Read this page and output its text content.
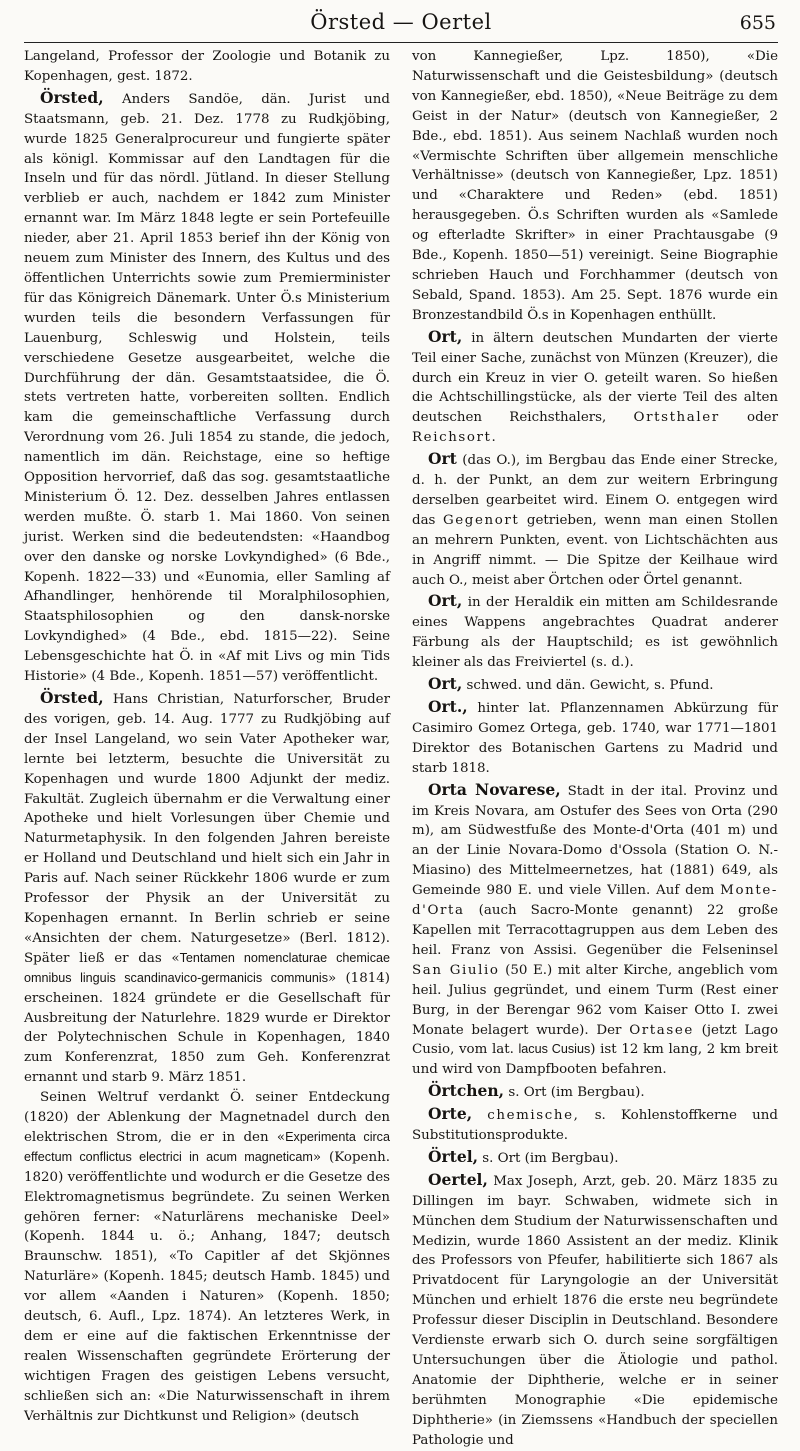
Örsted — Oertel	655

Langeland, Professor der Zoologie und Botanik zu Kopenhagen, gest. 1872.

Örsted, Anders Sandöe, dän. Jurist und Staatsmann, geb. 21. Dez. 1778 zu Rudkjöbing, wurde 1825 Generalprocureur und fungierte später als königl. Kommissar auf den Landtagen für die Inseln und für das nördl. Jütland. In dieser Stellung verblieb er auch, nachdem er 1842 zum Minister ernannt war. Im März 1848 legte er sein Portefeuille nieder, aber 21. April 1853 berief ihn der König von neuem zum Minister des Innern, des Kultus und des öffentlichen Unterrichts sowie zum Premierminister für das Königreich Dänemark. Unter Ö.s Ministerium wurden teils die besondern Verfassungen für Lauenburg, Schleswig und Holstein, teils verschiedene Gesetze ausgearbeitet, welche die Durchführung der dän. Gesamtstaatsidee, die Ö. stets vertreten hatte, vorbereiten sollten. Endlich kam die gemeinschaftliche Verfassung durch Verordnung vom 26. Juli 1854 zu stande, die jedoch, namentlich im dän. Reichstage, eine so heftige Opposition hervorrief, daß das sog. gesamtstaatliche Ministerium Ö. 12. Dez. desselben Jahres entlassen werden mußte. Ö. starb 1. Mai 1860. Von seinen jurist. Werken sind die bedeutendsten: «Haandbog over den danske og norske Lovkyndighed» (6 Bde., Kopenh. 1822—33) und «Eunomia, eller Samling af Afhandlinger, henhörende til Moralphilosophien, Staatsphilosophien og den dansk-norske Lovkyndighed» (4 Bde., ebd. 1815—22). Seine Lebensgeschichte hat Ö. in «Af mit Livs og min Tids Historie» (4 Bde., Kopenh. 1851—57) veröffentlicht.

Örsted, Hans Christian, Naturforscher, Bruder des vorigen, geb. 14. Aug. 1777 zu Rudkjöbing auf der Insel Langeland, wo sein Vater Apotheker war, lernte bei letzterm, besuchte die Universität zu Kopenhagen und wurde 1800 Adjunkt der mediz. Fakultät. Zugleich übernahm er die Verwaltung einer Apotheke und hielt Vorlesungen über Chemie und Naturmetaphysik. In den folgenden Jahren bereiste er Holland und Deutschland und hielt sich ein Jahr in Paris auf. Nach seiner Rückkehr 1806 wurde er zum Professor der Physik an der Universität zu Kopenhagen ernannt. In Berlin schrieb er seine «Ansichten der chem. Naturgesetze» (Berl. 1812). Später ließ er das «Tentamen nomenclaturae chemicae omnibus linguis scandinavico-germanicis communis» (1814) erscheinen. 1824 gründete er die Gesellschaft für Ausbreitung der Naturlehre. 1829 wurde er Direktor der Polytechnischen Schule in Kopenhagen, 1840 zum Konferenzrat, 1850 zum Geh. Konferenzrat ernannt und starb 9. März 1851.

Seinen Weltruf verdankt Ö. seiner Entdeckung (1820) der Ablenkung der Magnetnadel durch den elektrischen Strom, die er in den «Experimenta circa effectum conflictus electrici in acum magneticam» (Kopenh. 1820) veröffentlichte und wodurch er die Gesetze des Elektromagnetismus begründete. Zu seinen Werken gehören ferner: «Naturlärens mechaniske Deel» (Kopenh. 1844 u. ö.; Anhang, 1847; deutsch Braunschw. 1851), «To Capitler af det Skjönnes Naturläre» (Kopenh. 1845; deutsch Hamb. 1845) und vor allem «Aanden i Naturen» (Kopenh. 1850; deutsch, 6. Aufl., Lpz. 1874). An letzteres Werk, in dem er eine auf die faktischen Erkenntnisse der realen Wissenschaften gegründete Erörterung der wichtigen Fragen des geistigen Lebens versucht, schließen sich an: «Die Naturwissenschaft in ihrem Verhältnis zur Dichtkunst und Religion» (deutsch

von Kannegießer, Lpz. 1850), «Die Naturwissenschaft und die Geistesbildung» (deutsch von Kannegießer, ebd. 1850), «Neue Beiträge zu dem Geist in der Natur» (deutsch von Kannegießer, 2 Bde., ebd. 1851). Aus seinem Nachlaß wurden noch «Vermischte Schriften über allgemein menschliche Verhältnisse» (deutsch von Kannegießer, Lpz. 1851) und «Charaktere und Reden» (ebd. 1851) herausgegeben. Ö.s Schriften wurden als «Samlede og efterladte Skrifter» in einer Prachtausgabe (9 Bde., Kopenh. 1850—51) vereinigt. Seine Biographie schrieben Hauch und Forchhammer (deutsch von Sebald, Spand. 1853). Am 25. Sept. 1876 wurde ein Bronzestandbild Ö.s in Kopenhagen enthüllt.

Ort, in ältern deutschen Mundarten der vierte Teil einer Sache, zunächst von Münzen (Kreuzer), die durch ein Kreuz in vier O. geteilt waren. So hießen die Achtschillingstücke, als der vierte Teil des alten deutschen Reichsthalers, Ortsthaler oder Reichsort.

Ort (das O.), im Bergbau das Ende einer Strecke, d. h. der Punkt, an dem zur weitern Erbringung derselben gearbeitet wird. Einem O. entgegen wird das Gegenort getrieben, wenn man einen Stollen an mehrern Punkten, event. von Lichtschächten aus in Angriff nimmt. — Die Spitze der Keilhaue wird auch O., meist aber Örtchen oder Örtel genannt.

Ort, in der Heraldik ein mitten am Schildesrande eines Wappens angebrachtes Quadrat anderer Färbung als der Hauptschild; es ist gewöhnlich kleiner als das Freiviertel (s. d.).

Ort, schwed. und dän. Gewicht, s. Pfund.

Ort., hinter lat. Pflanzennamen Abkürzung für Casimiro Gomez Ortega, geb. 1740, war 1771—1801 Direktor des Botanischen Gartens zu Madrid und starb 1818.

Orta Novarese, Stadt in der ital. Provinz und im Kreis Novara, am Ostufer des Sees von Orta (290 m), am Südwestfuße des Monte-d'Orta (401 m) und an der Linie Novara-Domo d'Ossola (Station O. N.-Miasino) des Mittelmeernetzes, hat (1881) 649, als Gemeinde 980 E. und viele Villen. Auf dem Monte-d'Orta (auch Sacro-Monte genannt) 22 große Kapellen mit Terracottagruppen aus dem Leben des heil. Franz von Assisi. Gegenüber die Felseninsel San Giulio (50 E.) mit alter Kirche, angeblich vom heil. Julius gegründet, und einem Turm (Rest einer Burg, in der Berengar 962 vom Kaiser Otto I. zwei Monate belagert wurde). Der Ortasee (jetzt Lago Cusio, vom lat. lacus Cusius) ist 12 km lang, 2 km breit und wird von Dampfbooten befahren.

Örtchen, s. Ort (im Bergbau).

Orte, chemische, s. Kohlenstoffkerne und Substitutionsprodukte.

Örtel, s. Ort (im Bergbau).

Oertel, Max Joseph, Arzt, geb. 20. März 1835 zu Dillingen im bayr. Schwaben, widmete sich in München dem Studium der Naturwissenschaften und Medizin, wurde 1860 Assistent an der mediz. Klinik des Professors von Pfeufer, habilitierte sich 1867 als Privatdocent für Laryngologie an der Universität München und erhielt 1876 die erste neu begründete Professur dieser Disciplin in Deutschland. Besondere Verdienste erwarb sich O. durch seine sorgfältigen Untersuchungen über die Ätiologie und pathol. Anatomie der Diphtherie, welche er in seiner berühmten Monographie «Die epidemische Diphtherie» (in Ziemssens «Handbuch der speciellen Pathologie und
